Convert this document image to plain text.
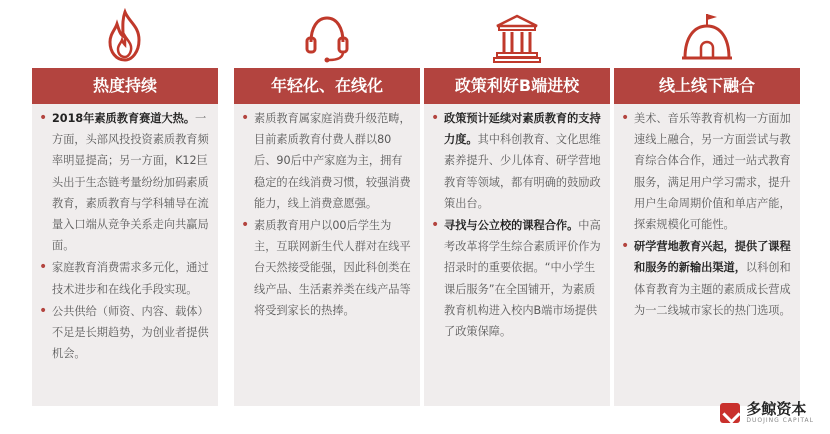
热度持续
• 2018年素质教育赛道大热。一方面，头部风投投资素质教育频率明显提高；另一方面，K12巨头出于生态链考量纷纷加码素质教育，素质教育与学科辅导在流量入口端从竞争关系走向共赢局面。
• 家庭教育消费需求多元化，通过技术进步和在线化手段实现。
• 公共供给（师资、内容、载体）不足是长期趋势，为创业者提供机会。
年轻化、在线化
• 素质教育属家庭消费升级范畴，目前素质教育付费人群以80后、90后中产家庭为主，拥有稳定的在线消费习惯，较强消费能力，线上消费意愿强。
• 素质教育用户以00后学生为主，互联网新生代人群对在线平台天然接受能强，因此科创类在线产品、生活素养类在线产品等将受到家长的热捧。
政策利好B端进校
• 政策预计延续对素质教育的支持力度。其中科创教育、文化思维素养提升、少儿体育、研学营地教育等领域，都有明确的鼓励政策出台。
• 寻找与公立校的课程合作。中高考改革将学生综合素质评价作为招录时的重要依据。“中小学生课后服务”在全国铺开，为素质教育机构进入校内B端市场提供了政策保障。
线上线下融合
• 美术、音乐等教育机构一方面加速线上融合，另一方面尝试与教育综合体合作，通过一站式教育服务，满足用户学习需求，提升用户生命周期价值和单店产能，探索规模化可能性。
• 研学营地教育兴起，提供了课程和服务的新输出渠道，以科创和体育教育为主题的素质成长营成为一二线城市家长的热门选项。
多鲸资本
DUOJING CAPITAL
